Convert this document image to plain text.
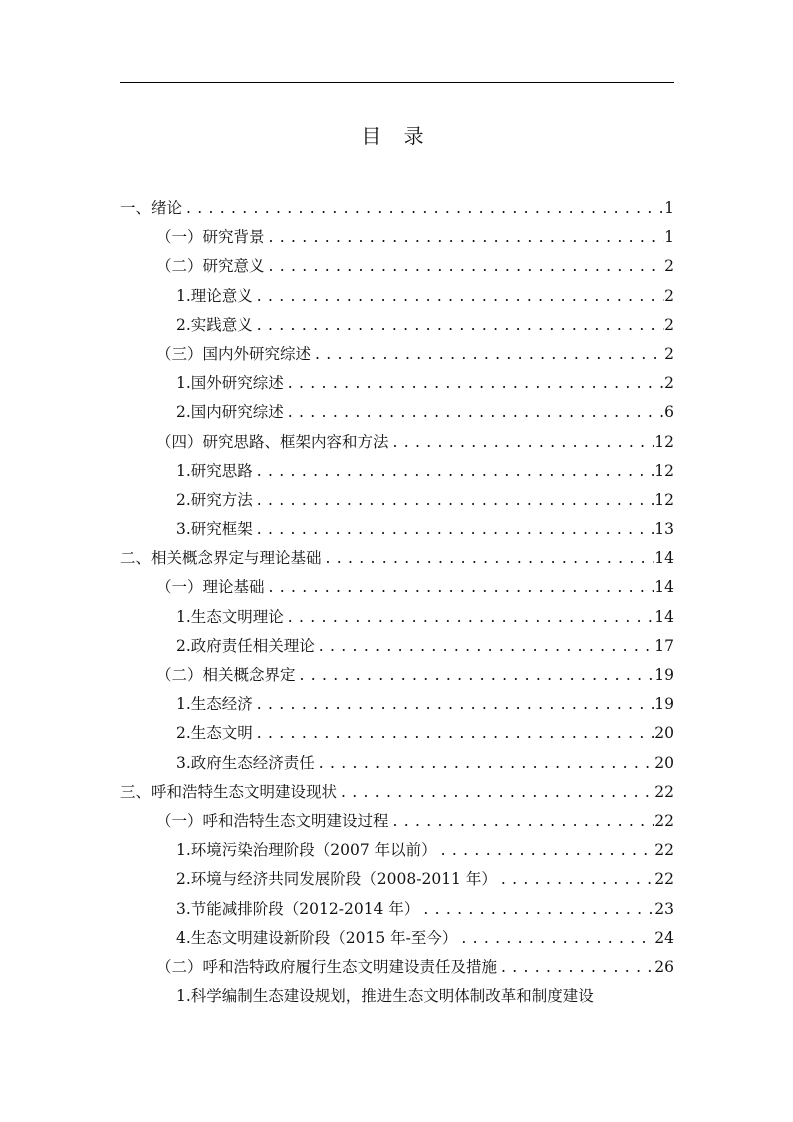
目 录
一、绪论 . . .	1
（一）研究背景 . . .	1
（二）研究意义 . . .	2
1.理论意义 . . .	2
2.实践意义 . . .	2
（三）国内外研究综述 . . .	2
1.国外研究综述 . . .	2
2.国内研究综述 . . .	6
（四）研究思路、框架内容和方法 . . .	12
1.研究思路 . . .	12
2.研究方法 . . .	12
3.研究框架 . . .	13
二、相关概念界定与理论基础 . . .	14
（一）理论基础 . . .	14
1.生态文明理论 . . .	14
2.政府责任相关理论 . . .	17
（二）相关概念界定 . . .	19
1.生态经济 . . .	19
2.生态文明 . . .	20
3.政府生态经济责任 . . .	20
三、呼和浩特生态文明建设现状 . . .	22
（一）呼和浩特生态文明建设过程 . . .	22
1.环境污染治理阶段（2007 年以前） . . .	22
2.环境与经济共同发展阶段（2008-2011 年） . . .	22
3.节能减排阶段（2012-2014 年） . . .	23
4.生态文明建设新阶段（2015 年-至今） . . .	24
（二）呼和浩特政府履行生态文明建设责任及措施 . . .	26
1.科学编制生态建设规划，推进生态文明体制改革和制度建设
